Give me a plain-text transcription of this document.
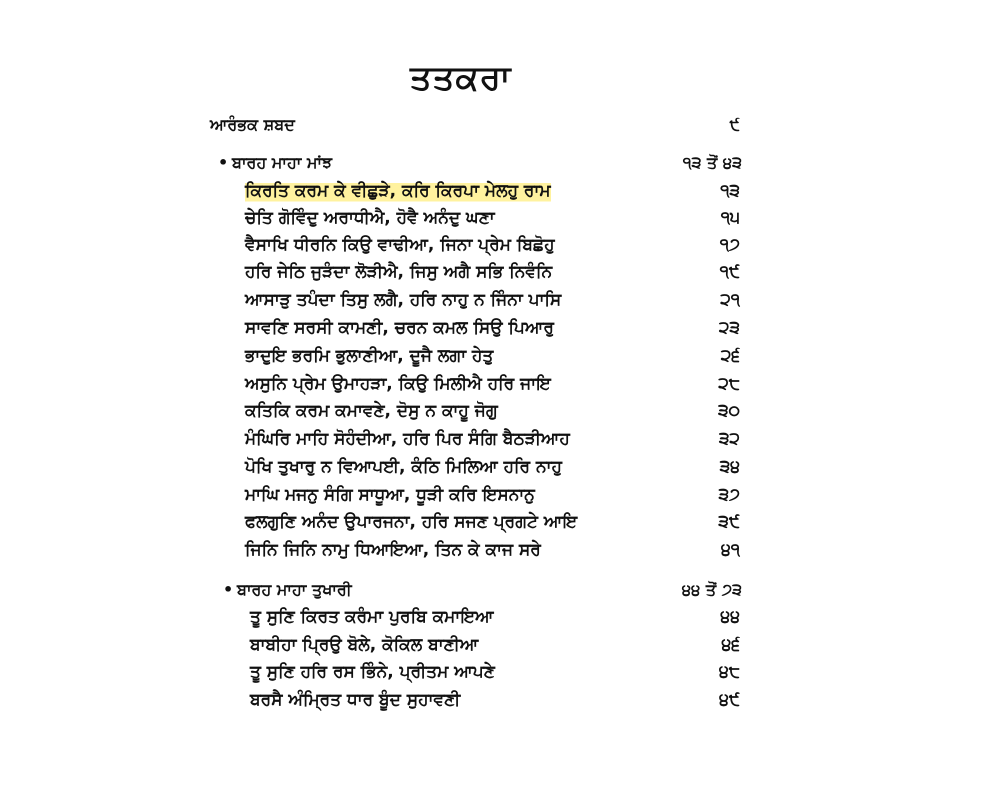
ਤਤਕਰਾ
ਆਰੰਭਕ ਸ਼ਬਦ	੯
• ਬਾਰਹ ਮਾਹਾ ਮਾਂਝ	੧੩ ਤੋਂ ੪੩
ਕਿਰਤਿ ਕਰਮ ਕੇ ਵੀਛੁੜੇ, ਕਰਿ ਕਿਰਪਾ ਮੇਲਹੁ ਰਾਮ	੧੩
ਚੇਤਿ ਗੋਵਿੰਦੁ ਅਰਾਧੀਐ, ਹੋਵੈ ਅਨੰਦੁ ਘਣਾ	੧੫
ਵੈਸਾਖਿ ਧੀਰਨਿ ਕਿਉ ਵਾਢੀਆ, ਜਿਨਾ ਪ੍ਰੇਮ ਬਿਛੋਹੁ	੧੭
ਹਰਿ ਜੇਠਿ ਜੁੜੰਦਾ ਲੋੜੀਐ, ਜਿਸੁ ਅਗੈ ਸਭਿ ਨਿਵੰਨਿ	੧੯
ਆਸਾੜੁ ਤਪੰਦਾ ਤਿਸੁ ਲਗੈ, ਹਰਿ ਨਾਹੁ ਨ ਜਿੰਨਾ ਪਾਸਿ	੨੧
ਸਾਵਣਿ ਸਰਸੀ ਕਾਮਣੀ, ਚਰਨ ਕਮਲ ਸਿਉ ਪਿਆਰੁ	੨੩
ਭਾਦੁਇ ਭਰਮਿ ਭੁਲਾਣੀਆ, ਦੂਜੈ ਲਗਾ ਹੇਤੁ	੨੬
ਅਸੁਨਿ ਪ੍ਰੇਮ ਉਮਾਹੜਾ, ਕਿਉ ਮਿਲੀਐ ਹਰਿ ਜਾਇ	੨੮
ਕਤਿਕਿ ਕਰਮ ਕਮਾਵਣੇ, ਦੋਸੁ ਨ ਕਾਹੂ ਜੋਗੁ	੩੦
ਮੰਘਿਰਿ ਮਾਹਿ ਸੋਹੰਦੀਆ, ਹਰਿ ਪਿਰ ਸੰਗਿ ਬੈਠੜੀਆਹ	੩੨
ਪੋਖਿ ਤੁਖਾਰੁ ਨ ਵਿਆਪਈ, ਕੰਠਿ ਮਿਲਿਆ ਹਰਿ ਨਾਹੁ	੩੪
ਮਾਘਿ ਮਜਨੁ ਸੰਗਿ ਸਾਧੂਆ, ਧੂੜੀ ਕਰਿ ਇਸਨਾਨੁ	੩੭
ਫਲਗੁਣਿ ਅਨੰਦ ਉਪਾਰਜਨਾ, ਹਰਿ ਸਜਣ ਪ੍ਰਗਟੇ ਆਇ	੩੯
ਜਿਨਿ ਜਿਨਿ ਨਾਮੁ ਧਿਆਇਆ, ਤਿਨ ਕੇ ਕਾਜ ਸਰੇ	੪੧
• ਬਾਰਹ ਮਾਹਾ ਤੁਖਾਰੀ	੪੪ ਤੋਂ ੭੩
ਤੂ ਸੁਣਿ ਕਿਰਤ ਕਰੰਮਾ ਪੁਰਬਿ ਕਮਾਇਆ	੪੪
ਬਾਬੀਹਾ ਪ੍ਰਿਉ ਬੋਲੇ, ਕੋਕਿਲ ਬਾਣੀਆ	੪੬
ਤੂ ਸੁਣਿ ਹਰਿ ਰਸ ਭਿੰਨੇ, ਪ੍ਰੀਤਮ ਆਪਣੇ	੪੮
ਬਰਸੈ ਅੰਮ੍ਰਿਤ ਧਾਰ ਬੂੰਦ ਸੁਹਾਵਣੀ	੪੯
